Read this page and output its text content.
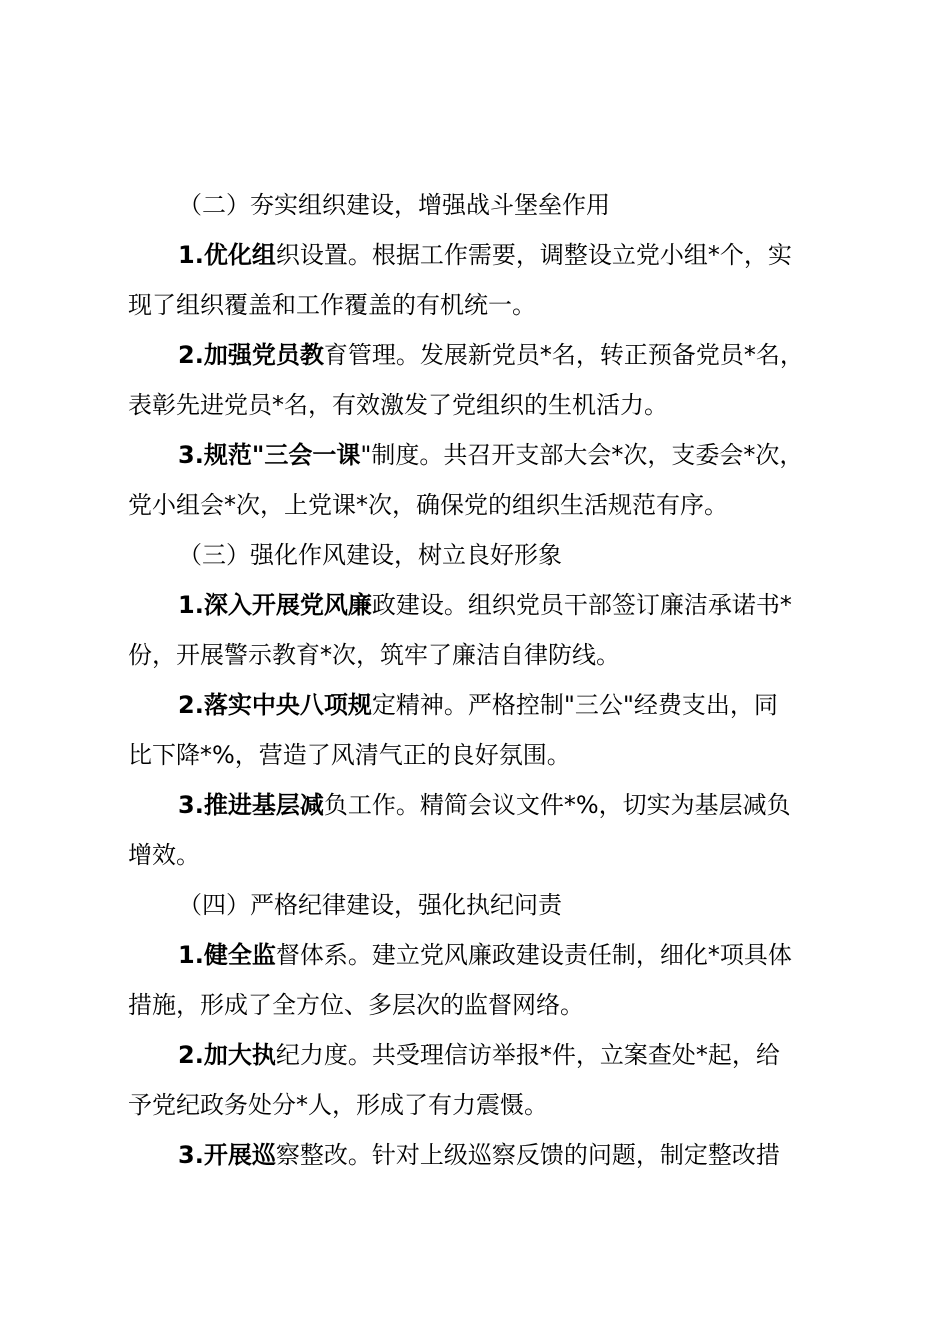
（二）夯实组织建设，增强战斗堡垒作用
1.优化组织设置。根据工作需要，调整设立党小组*个，实
现了组织覆盖和工作覆盖的有机统一。
2.加强党员教育管理。发展新党员*名，转正预备党员*名，
表彰先进党员*名，有效激发了党组织的生机活力。
3.规范"三会一课"制度。共召开支部大会*次，支委会*次，
党小组会*次，上党课*次，确保党的组织生活规范有序。
（三）强化作风建设，树立良好形象
1.深入开展党风廉政建设。组织党员干部签订廉洁承诺书*
份，开展警示教育*次，筑牢了廉洁自律防线。
2.落实中央八项规定精神。严格控制"三公"经费支出，同
比下降*%，营造了风清气正的良好氛围。
3.推进基层减负工作。精简会议文件*%，切实为基层减负
增效。
（四）严格纪律建设，强化执纪问责
1.健全监督体系。建立党风廉政建设责任制，细化*项具体
措施，形成了全方位、多层次的监督网络。
2.加大执纪力度。共受理信访举报*件，立案查处*起，给
予党纪政务处分*人，形成了有力震慑。
3.开展巡察整改。针对上级巡察反馈的问题，制定整改措
